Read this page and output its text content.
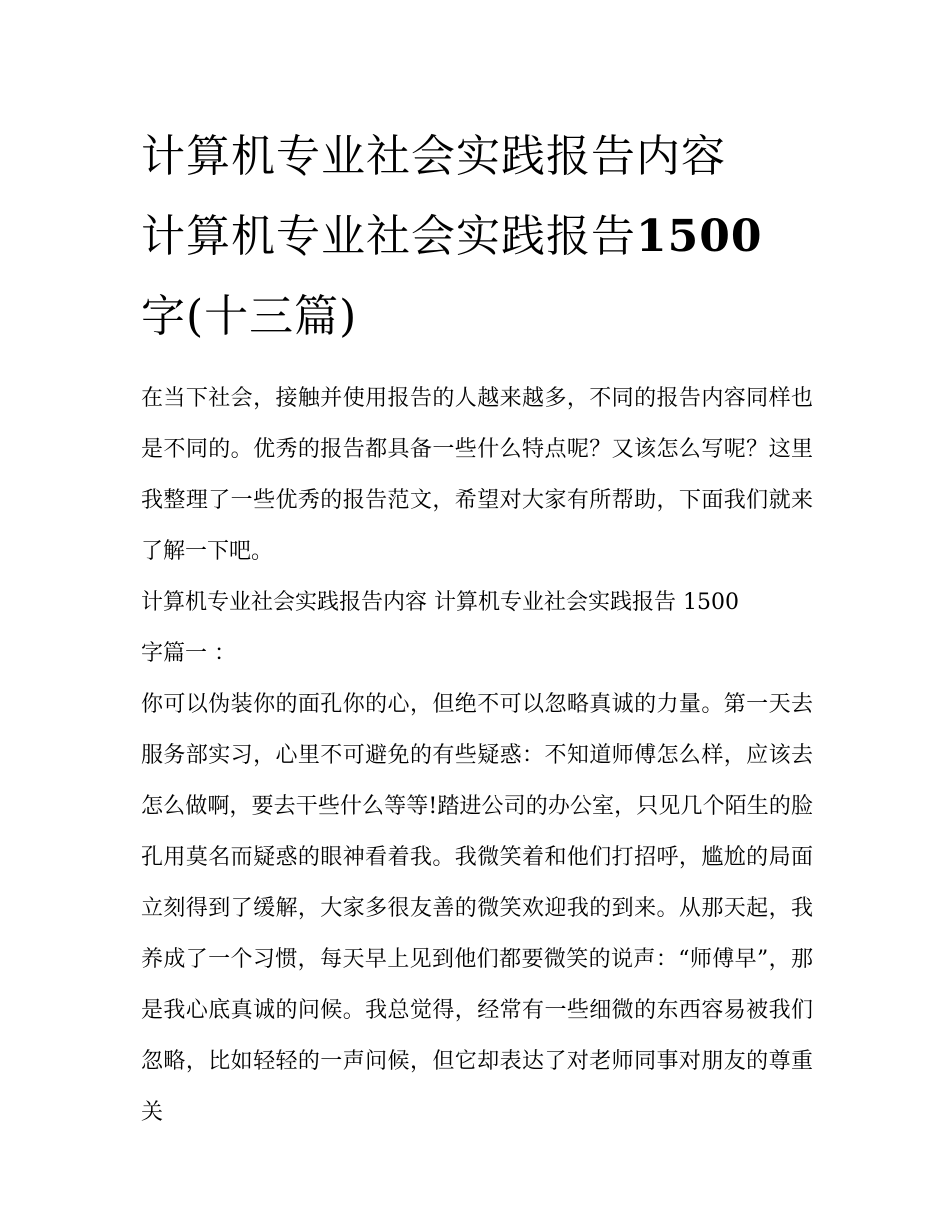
计算机专业社会实践报告内容
计算机专业社会实践报告1500
字(十三篇)

在当下社会，接触并使用报告的人越来越多，不同的报告内容同样也是不同的。优秀的报告都具备一些什么特点呢？又该怎么写呢？这里我整理了一些优秀的报告范文，希望对大家有所帮助，下面我们就来了解一下吧。

计算机专业社会实践报告内容 计算机专业社会实践报告 1500
字篇一 ：

你可以伪装你的面孔你的心，但绝不可以忽略真诚的力量。第一天去服务部实习，心里不可避免的有些疑惑：不知道师傅怎么样，应该去怎么做啊，要去干些什么等等!踏进公司的办公室，只见几个陌生的脸孔用莫名而疑惑的眼神看着我。我微笑着和他们打招呼，尴尬的局面立刻得到了缓解，大家多很友善的微笑欢迎我的到来。从那天起，我养成了一个习惯，每天早上见到他们都要微笑的说声：“师傅早”，那是我心底真诚的问候。我总觉得，经常有一些细微的东西容易被我们忽略，比如轻轻的一声问候，但它却表达了对老师同事对朋友的尊重关
